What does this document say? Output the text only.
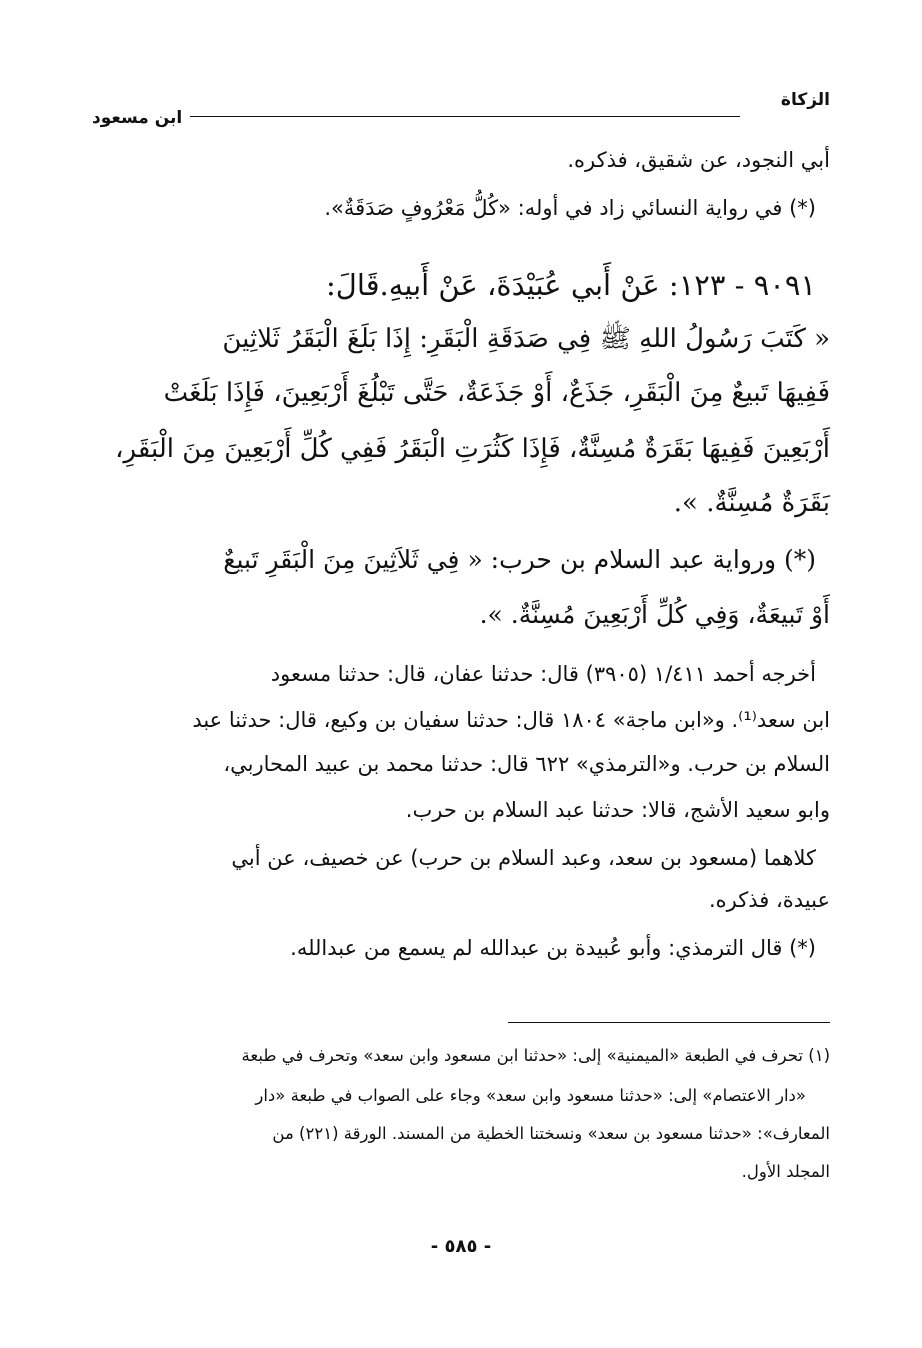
الزكاة
ابن مسعود
أبي النجود، عن شقيق، فذكره.
(*) في رواية النسائي زاد في أوله: «كُلُّ مَعْرُوفٍ صَدَقَةٌ».
٩٠٩١ - ١٢٣: عَنْ أَبي عُبَيْدَةَ، عَنْ أَبيهِ.قَالَ:
« كَتَبَ رَسُولُ اللهِ ﷺ فِي صَدَقَةِ الْبَقَرِ: إِذَا بَلَغَ الْبَقَرُ ثَلاثِينَ
فَفِيهَا تَبيعٌ مِنَ الْبَقَرِ، جَذَعٌ، أَوْ جَذَعَةٌ، حَتَّى تَبْلُغَ أَرْبَعِينَ، فَإِذَا بَلَغَتْ
أَرْبَعِينَ فَفِيهَا بَقَرَةٌ مُسِنَّةٌ، فَإِذَا كَثُرَتِ الْبَقَرُ فَفِي كُلِّ أَرْبَعِينَ مِنَ الْبَقَرِ،
بَقَرَةٌ مُسِنَّةٌ. ».
(*) ورواية عبد السلام بن حرب: « فِي ثَلاَثِينَ مِنَ الْبَقَرِ تَبيعٌ
أَوْ تَبيعَةٌ، وَفِي كُلِّ أَرْبَعِينَ مُسِنَّةٌ. ».
أخرجه أحمد ١/٤١١ (٣٩٠٥) قال: حدثنا عفان، قال: حدثنا مسعود
ابن سعد⁽¹⁾. و«ابن ماجة» ١٨٠٤ قال: حدثنا سفيان بن وكيع، قال: حدثنا عبد
السلام بن حرب. و«الترمذي» ٦٢٢ قال: حدثنا محمد بن عبيد المحاربي،
وابو سعيد الأشج، قالا: حدثنا عبد السلام بن حرب.
كلاهما (مسعود بن سعد، وعبد السلام بن حرب) عن خصيف، عن أبي
عبيدة، فذكره.
(*) قال الترمذي: وأبو عُبيدة بن عبدالله لم يسمع من عبدالله.
(١) تحرف في الطبعة «الميمنية» إلى: «حدثنا ابن مسعود وابن سعد» وتحرف في طبعة
«دار الاعتصام» إلى: «حدثنا مسعود وابن سعد» وجاء على الصواب في طبعة «دار
المعارف»: «حدثنا مسعود بن سعد» ونسختنا الخطية من المسند. الورقة (٢٢١) من
المجلد الأول.
- ٥٨٥ -
